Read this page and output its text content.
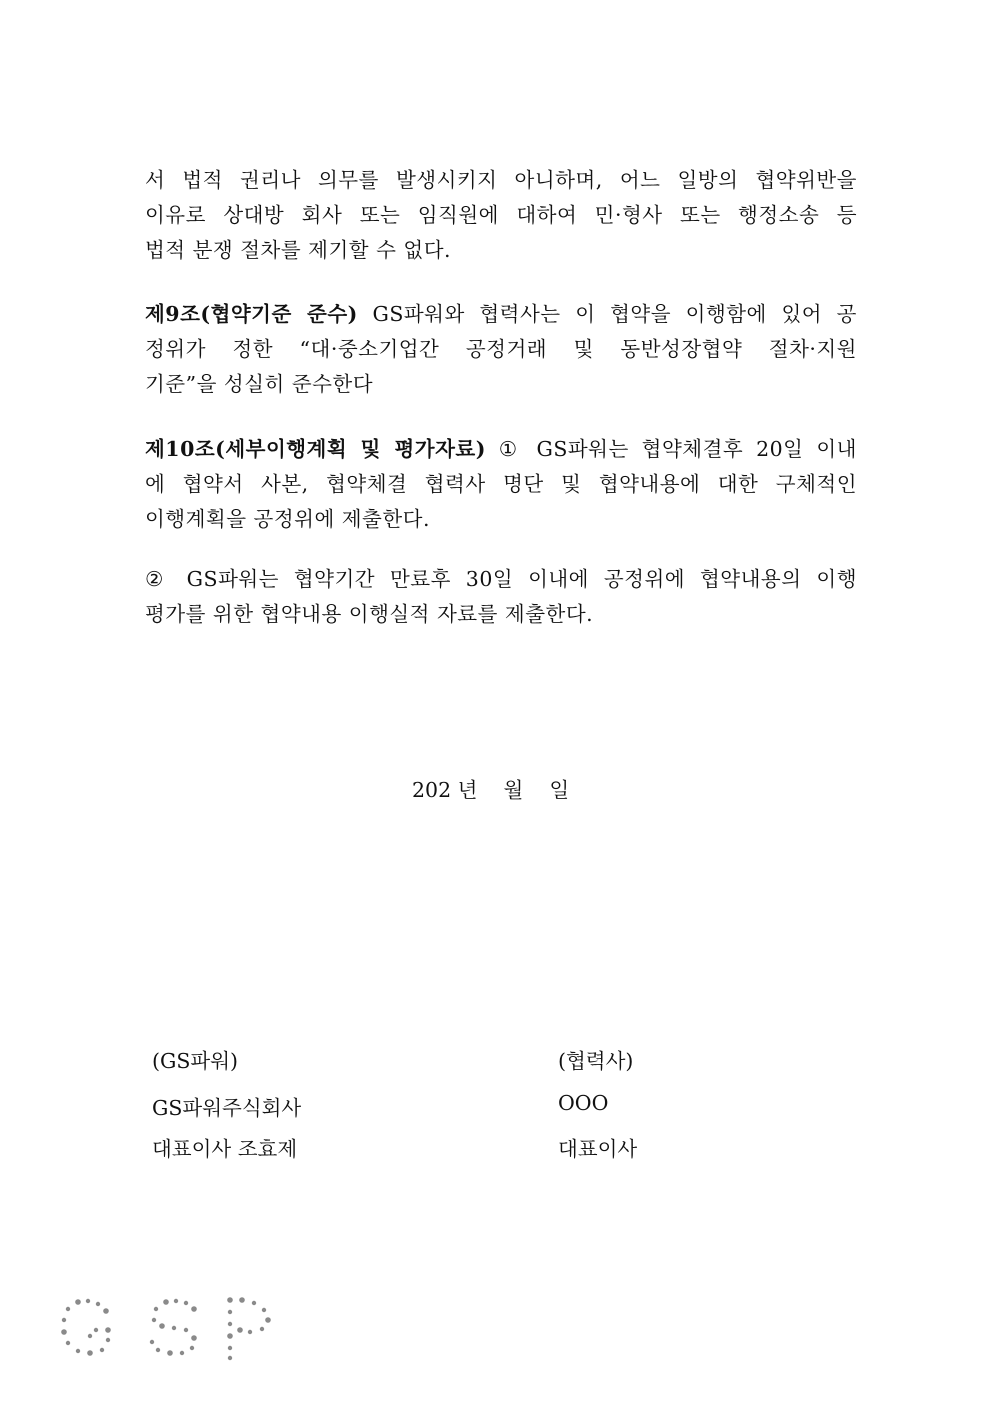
서 법적 권리나 의무를 발생시키지 아니하며, 어느 일방의 협약위반을
이유로 상대방 회사 또는 임직원에 대하여 민·형사 또는 행정소송 등
법적 분쟁 절차를 제기할 수 없다.
제9조(협약기준 준수) GS파워와 협력사는 이 협약을 이행함에 있어 공
정위가 정한 “대·중소기업간 공정거래 및 동반성장협약 절차·지원
기준”을 성실히 준수한다
제10조(세부이행계획 및 평가자료) ① GS파워는 협약체결후 20일 이내
에 협약서 사본, 협약체결 협력사 명단 및 협약내용에 대한 구체적인
이행계획을 공정위에 제출한다.
② GS파워는 협약기간 만료후 30일 이내에 공정위에 협약내용의 이행
평가를 위한 협약내용 이행실적 자료를 제출한다.
202 년    월    일
(GS파워)
GS파워주식회사
대표이사 조효제
(협력사)
OOO
대표이사
